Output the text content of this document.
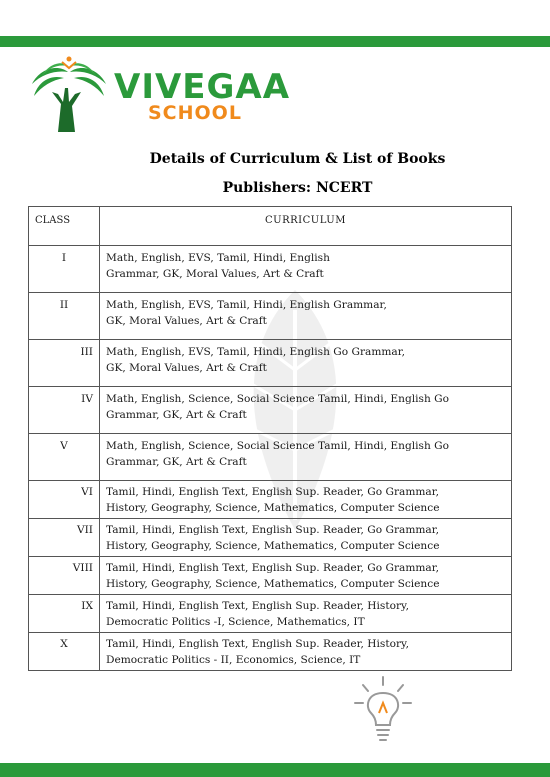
VIVEGAA
SCHOOL
Details of Curriculum & List of Books
Publishers: NCERT
CLASS	CURRICULUM
I	Math, English, EVS, Tamil, Hindi, English
Grammar, GK, Moral Values, Art & Craft
II	Math, English, EVS, Tamil, Hindi, English Grammar,
GK, Moral Values, Art & Craft
III	Math, English, EVS, Tamil, Hindi, English Go Grammar,
GK, Moral Values, Art & Craft
IV	Math, English, Science, Social Science Tamil, Hindi, English Go
Grammar, GK, Art & Craft
V	Math, English, Science, Social Science Tamil, Hindi, English Go
Grammar, GK, Art & Craft
VI	Tamil, Hindi, English Text, English Sup. Reader, Go Grammar,
History, Geography, Science, Mathematics, Computer Science
VII	Tamil, Hindi, English Text, English Sup. Reader, Go Grammar,
History, Geography, Science, Mathematics, Computer Science
VIII	Tamil, Hindi, English Text, English Sup. Reader, Go Grammar,
History, Geography, Science, Mathematics, Computer Science
IX	Tamil, Hindi, English Text, English Sup. Reader, History,
Democratic Politics -I, Science, Mathematics, IT
X	Tamil, Hindi, English Text, English Sup. Reader, History,
Democratic Politics - II, Economics, Science, IT
